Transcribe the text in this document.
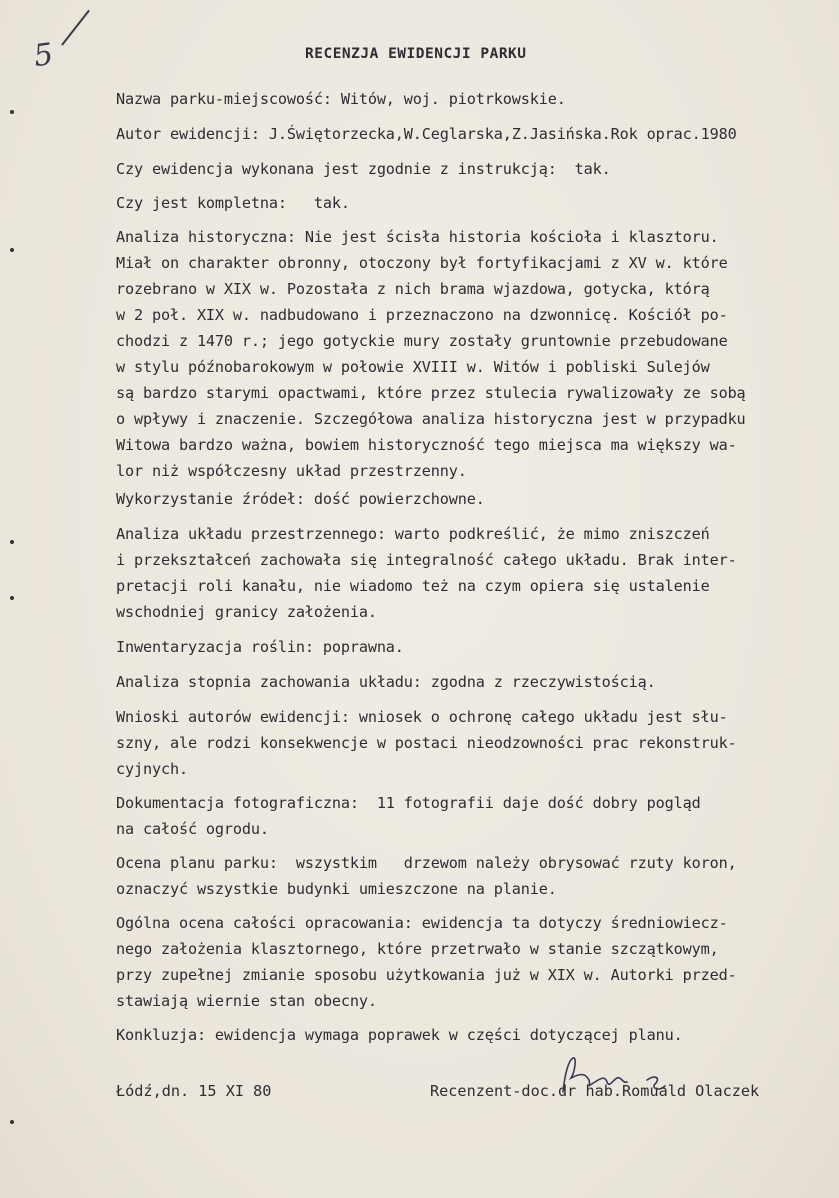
5	RECENZJA EWIDENCJI PARKU
Nazwa parku-miejscowość: Witów, woj. piotrkowskie.
Autor ewidencji: J.Świętorzecka,W.Ceglarska,Z.Jasińska.Rok oprac.1980
Czy ewidencja wykonana jest zgodnie z instrukcją:  tak.
Czy jest kompletna:   tak.
Analiza historyczna: Nie jest ścisła historia kościoła i klasztoru.
Miał on charakter obronny, otoczony był fortyfikacjami z XV w. które
rozebrano w XIX w. Pozostała z nich brama wjazdowa, gotycka, którą
w 2 poł. XIX w. nadbudowano i przeznaczono na dzwonnicę. Kościół po-
chodzi z 1470 r.; jego gotyckie mury zostały gruntownie przebudowane
w stylu późnobarokowym w połowie XVIII w. Witów i pobliski Sulejów
są bardzo starymi opactwami, które przez stulecia rywalizowały ze sobą
o wpływy i znaczenie. Szczegółowa analiza historyczna jest w przypadku
Witowa bardzo ważna, bowiem historyczność tego miejsca ma większy wa-
lor niż współczesny układ przestrzenny.
Wykorzystanie źródeł: dość powierzchowne.
Analiza układu przestrzennego: warto podkreślić, że mimo zniszczeń
i przekształceń zachowała się integralność całego układu. Brak inter-
pretacji roli kanału, nie wiadomo też na czym opiera się ustalenie
wschodniej granicy założenia.
Inwentaryzacja roślin: poprawna.
Analiza stopnia zachowania układu: zgodna z rzeczywistością.
Wnioski autorów ewidencji: wniosek o ochronę całego układu jest słu-
szny, ale rodzi konsekwencje w postaci nieodzowności prac rekonstruk-
cyjnych.
Dokumentacja fotograficzna:  11 fotografii daje dość dobry pogląd
na całość ogrodu.
Ocena planu parku:  wszystkim   drzewom należy obrysować rzuty koron,
oznaczyć wszystkie budynki umieszczone na planie.
Ogólna ocena całości opracowania: ewidencja ta dotyczy średniowiecz-
nego założenia klasztornego, które przetrwało w stanie szczątkowym,
przy zupełnej zmianie sposobu użytkowania już w XIX w. Autorki przed-
stawiają wiernie stan obecny.
Konkluzja: ewidencja wymaga poprawek w części dotyczącej planu.
Łódź,dn. 15 XI 80	Recenzent-doc.dr hab.Romuald Olaczek
